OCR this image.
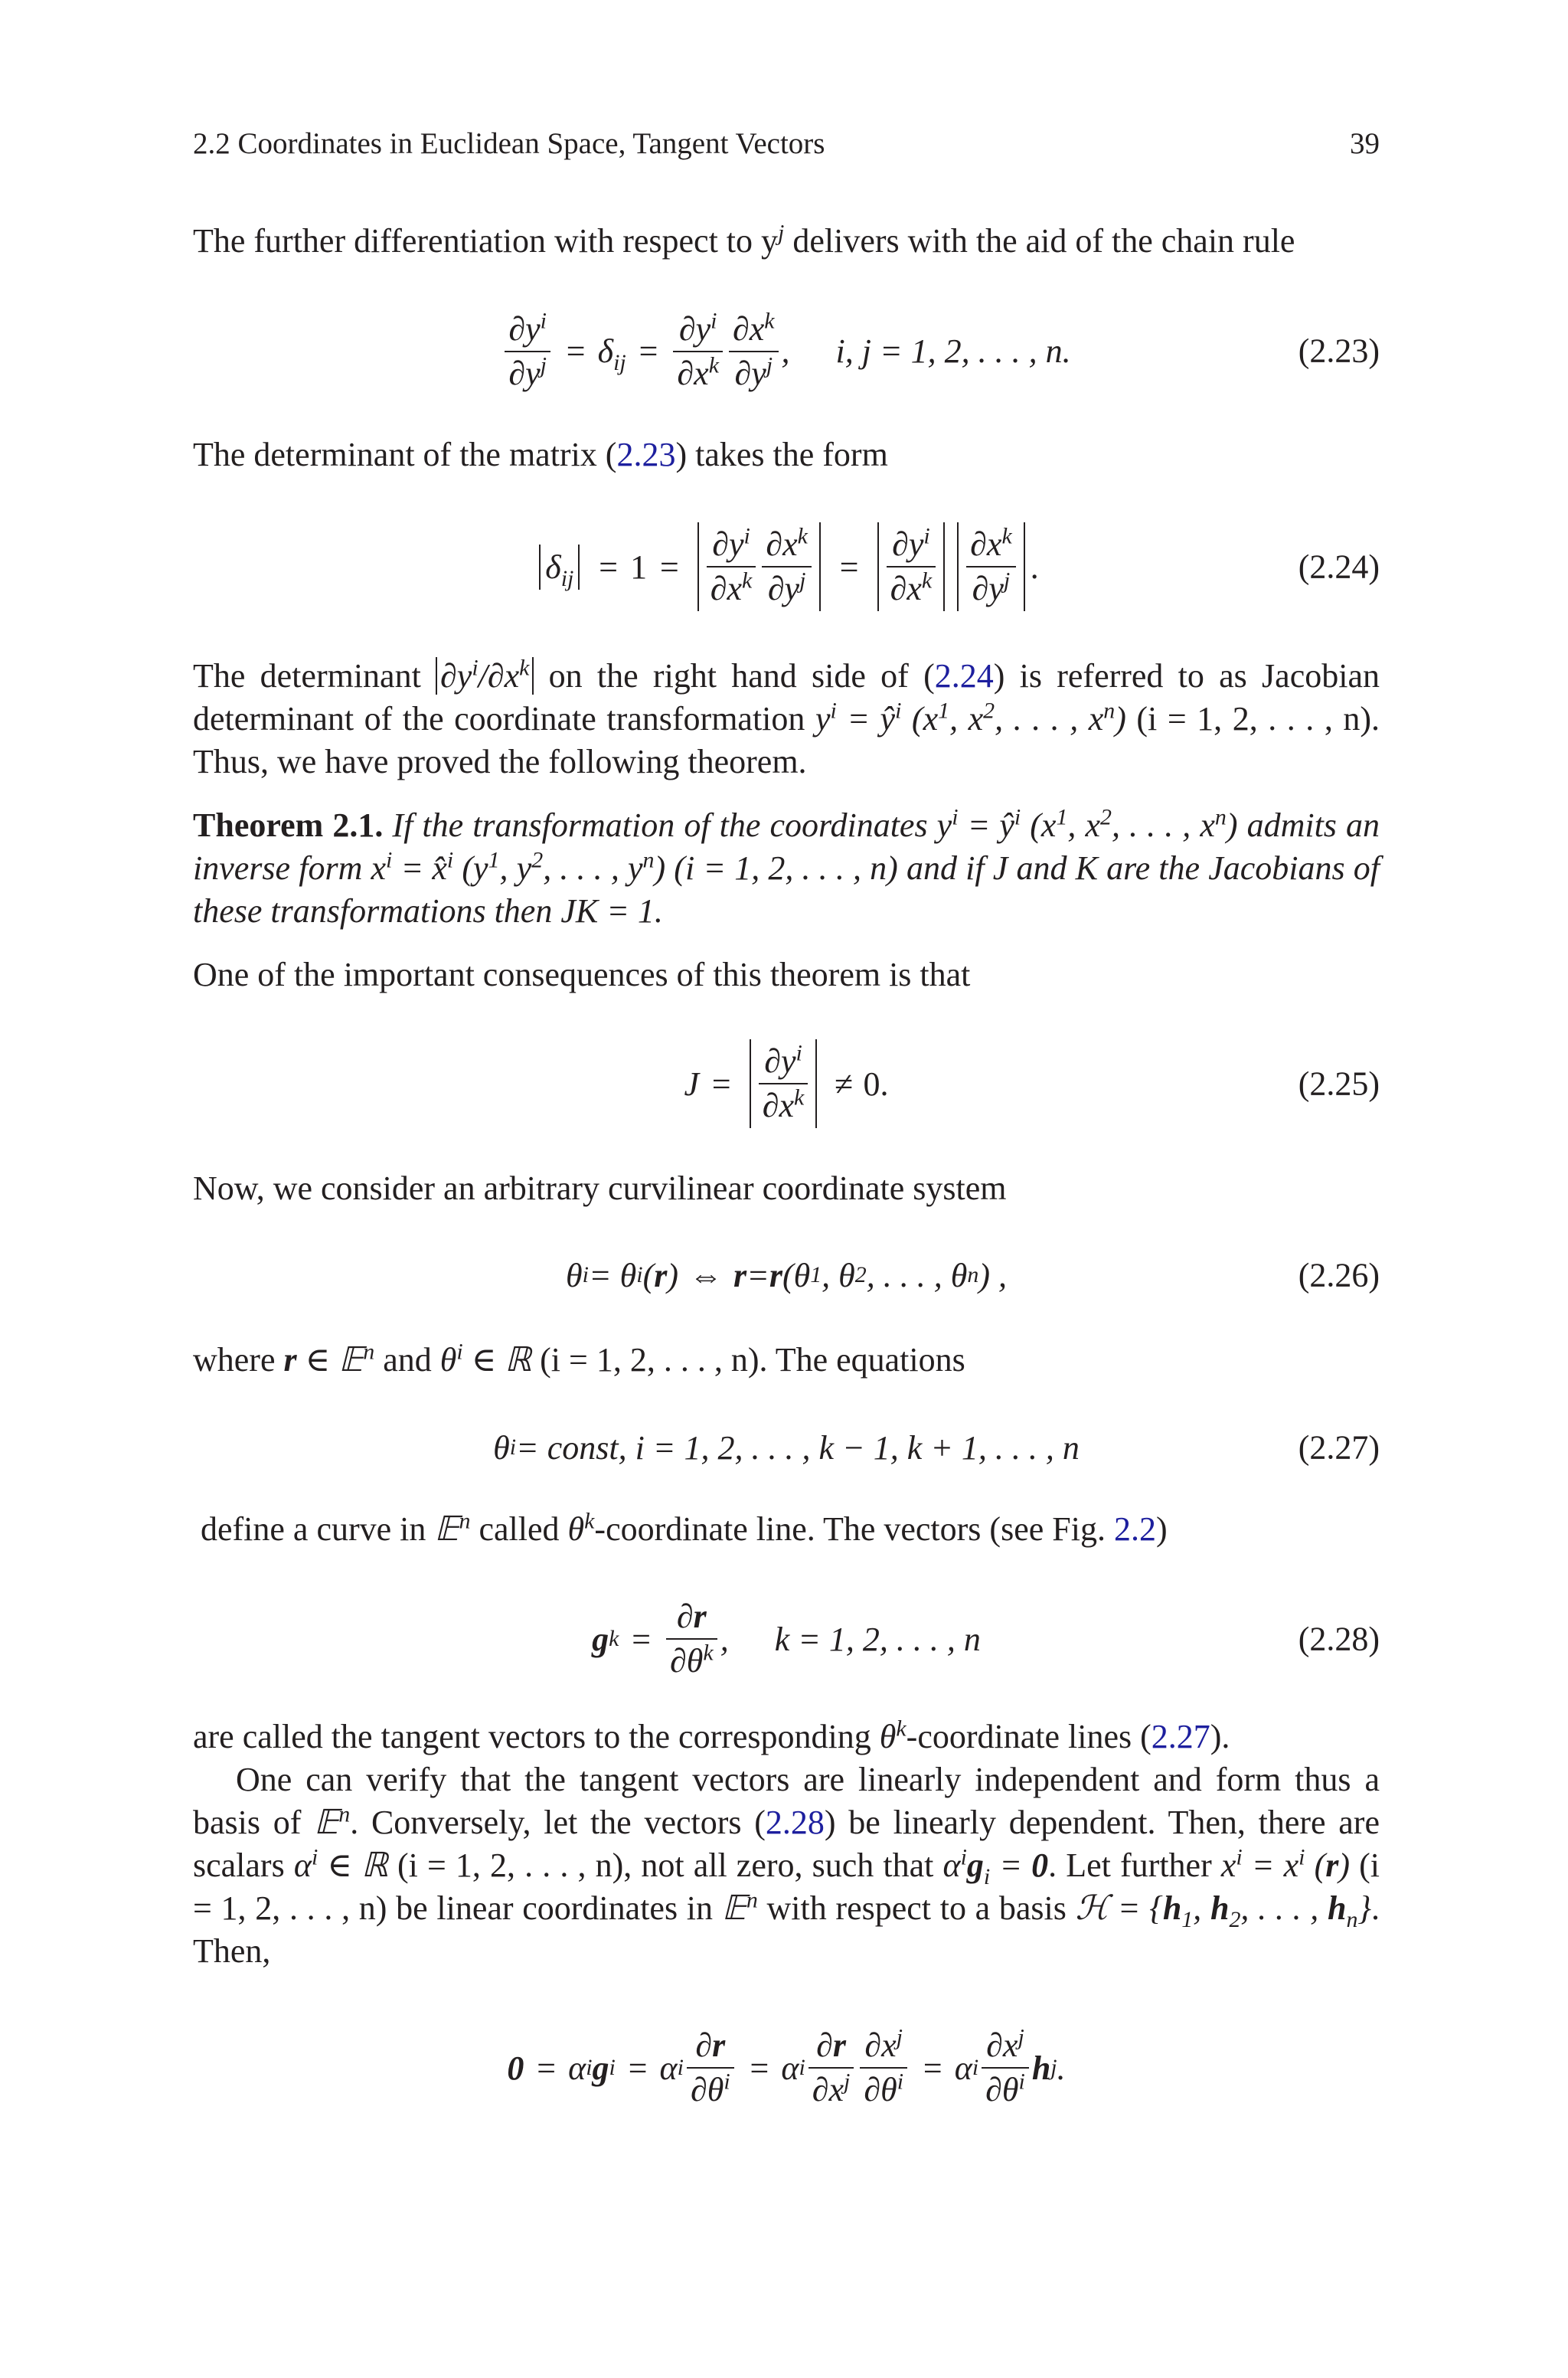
2.2 Coordinates in Euclidean Space, Tangent Vectors	39
The further differentiation with respect to $y^j$ delivers with the aid of the chain rule
$\frac{\partial y^i}{\partial y^j} = \delta_{ij} = \frac{\partial y^i}{\partial x^k} \frac{\partial x^k}{\partial y^j}$ , i, j = 1, 2, . . . , n.	(2.23)
The determinant of the matrix (2.23) takes the form
$\delta_{ij} = 1 = \frac{\partial y^i}{\partial x^k} \frac{\partial x^k}{\partial y^j} = \frac{\partial y^i}{\partial x^k} \frac{\partial x^k}{\partial y^j}$ .	(2.24)
The determinant $\partial y^i/\partial x^k$ on the right hand side of (2.24) is referred to as Jacobian determinant of the coordinate transformation $y^i$ = $ŷ^i$ ($x^1$, $x^2$, . . . , $x^n$) (i = 1, 2, . . . , n). Thus, we have proved the following theorem.
Theorem 2.1. If the transformation of the coordinates $y^i$ = $ŷ^i$ ($x^1$, $x^2$, . . . , $x^n$) admits an inverse form $x^i$ = x̂$^i$ ($y^1$, $y^2$, . . . , $y^n$) (i = 1, 2, . . . , n) and if J and K are the Jacobians of these transformations then JK = 1.
One of the important consequences of this theorem is that
$J = \frac{\partial y^i}{\partial x^k} \ne 0$.	(2.25)
Now, we consider an arbitrary curvilinear coordinate system
θ i = θ i ( r ) ⇔ r = r (θ 1 , θ 2 , . . . , θ n ) ,	(2.26)
where r ∈ 𝔼$^n$ and $\theta^i$ ∈ ℝ (i = 1, 2, . . . , n). The equations
θ i = const, i = 1, 2, . . . , k − 1, k + 1, . . . , n	(2.27)
define a curve in 𝔼$^n$ called $\theta^k$-coordinate line. The vectors (see Fig. 2.2)
g $k = \frac{\partial r}{\partial\theta^k}$ , k = 1, 2, . . . , n	(2.28)
are called the tangent vectors to the corresponding $\theta^k$-coordinate lines (2.27).
One can verify that the tangent vectors are linearly independent and form thus a basis of 𝔼$^n$. Conversely, let the vectors (2.28) be linearly dependent. Then, there are scalars $\alpha^i$ ∈ ℝ (i = 1, 2, . . . , n), not all zero, such that $\alpha^ig_i = 0$. Let further $x^i = x^i$ (r) (i = 1, 2, . . . , n) be linear coordinates in 𝔼$^n$ with respect to a basis ℋ = {$h_1$, $h_2$, . . . , $h_n$}. Then,
0 = α i g i = α i $\frac{\partial r}{\partial\theta^i} = \alpha$ i $\frac{\partial r}{\partial x^j} \frac{\partial x^j}{\partial\theta^i} = \alpha$ i $\frac{\partial x^j}{\partial\theta^i}$ h j .
